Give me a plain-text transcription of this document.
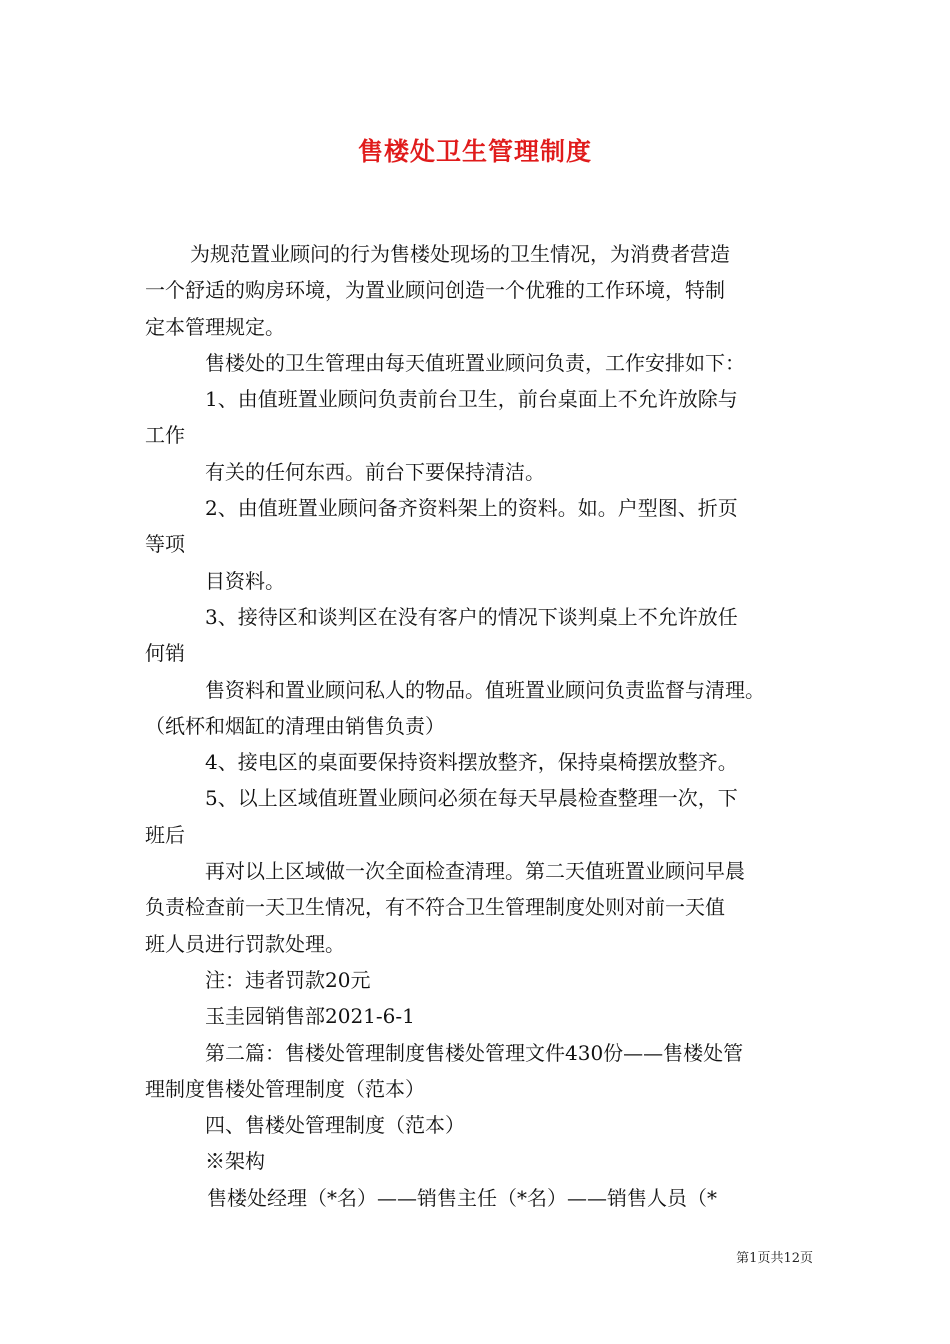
售楼处卫生管理制度
为规范置业顾问的行为售楼处现场的卫生情况，为消费者营造
一个舒适的购房环境，为置业顾问创造一个优雅的工作环境，特制
定本管理规定。
售楼处的卫生管理由每天值班置业顾问负责，工作安排如下：
1、由值班置业顾问负责前台卫生，前台桌面上不允许放除与
工作
有关的任何东西。前台下要保持清洁。
2、由值班置业顾问备齐资料架上的资料。如。户型图、折页
等项
目资料。
3、接待区和谈判区在没有客户的情况下谈判桌上不允许放任
何销
售资料和置业顾问私人的物品。值班置业顾问负责监督与清理。
（纸杯和烟缸的清理由销售负责）
4、接电区的桌面要保持资料摆放整齐，保持桌椅摆放整齐。
5、以上区域值班置业顾问必须在每天早晨检查整理一次，下
班后
再对以上区域做一次全面检查清理。第二天值班置业顾问早晨
负责检查前一天卫生情况，有不符合卫生管理制度处则对前一天值
班人员进行罚款处理。
注：违者罚款20元
玉圭园销售部2021-6-1
第二篇：售楼处管理制度售楼处管理文件430份——售楼处管
理制度售楼处管理制度（范本）
四、售楼处管理制度（范本）
※架构
售楼处经理（*名）——销售主任（*名）——销售人员（*
第1页共12页
